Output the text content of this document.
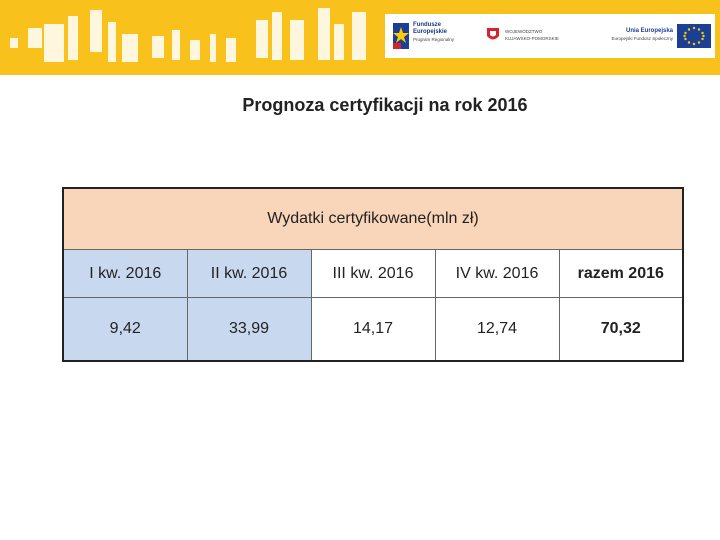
Fundusze
Europejskie
Program Regionalny
WOJEWÓDZTWO
KUJAWSKO-POMORSKIE
Unia Europejska
Europejski Fundusz Społeczny
Prognoza certyfikacji na rok 2016
Wydatki certyfikowane(mln zł)				
I kw. 2016	II kw. 2016	III kw. 2016	IV kw. 2016	razem 2016
9,42	33,99	14,17	12,74	70,32
